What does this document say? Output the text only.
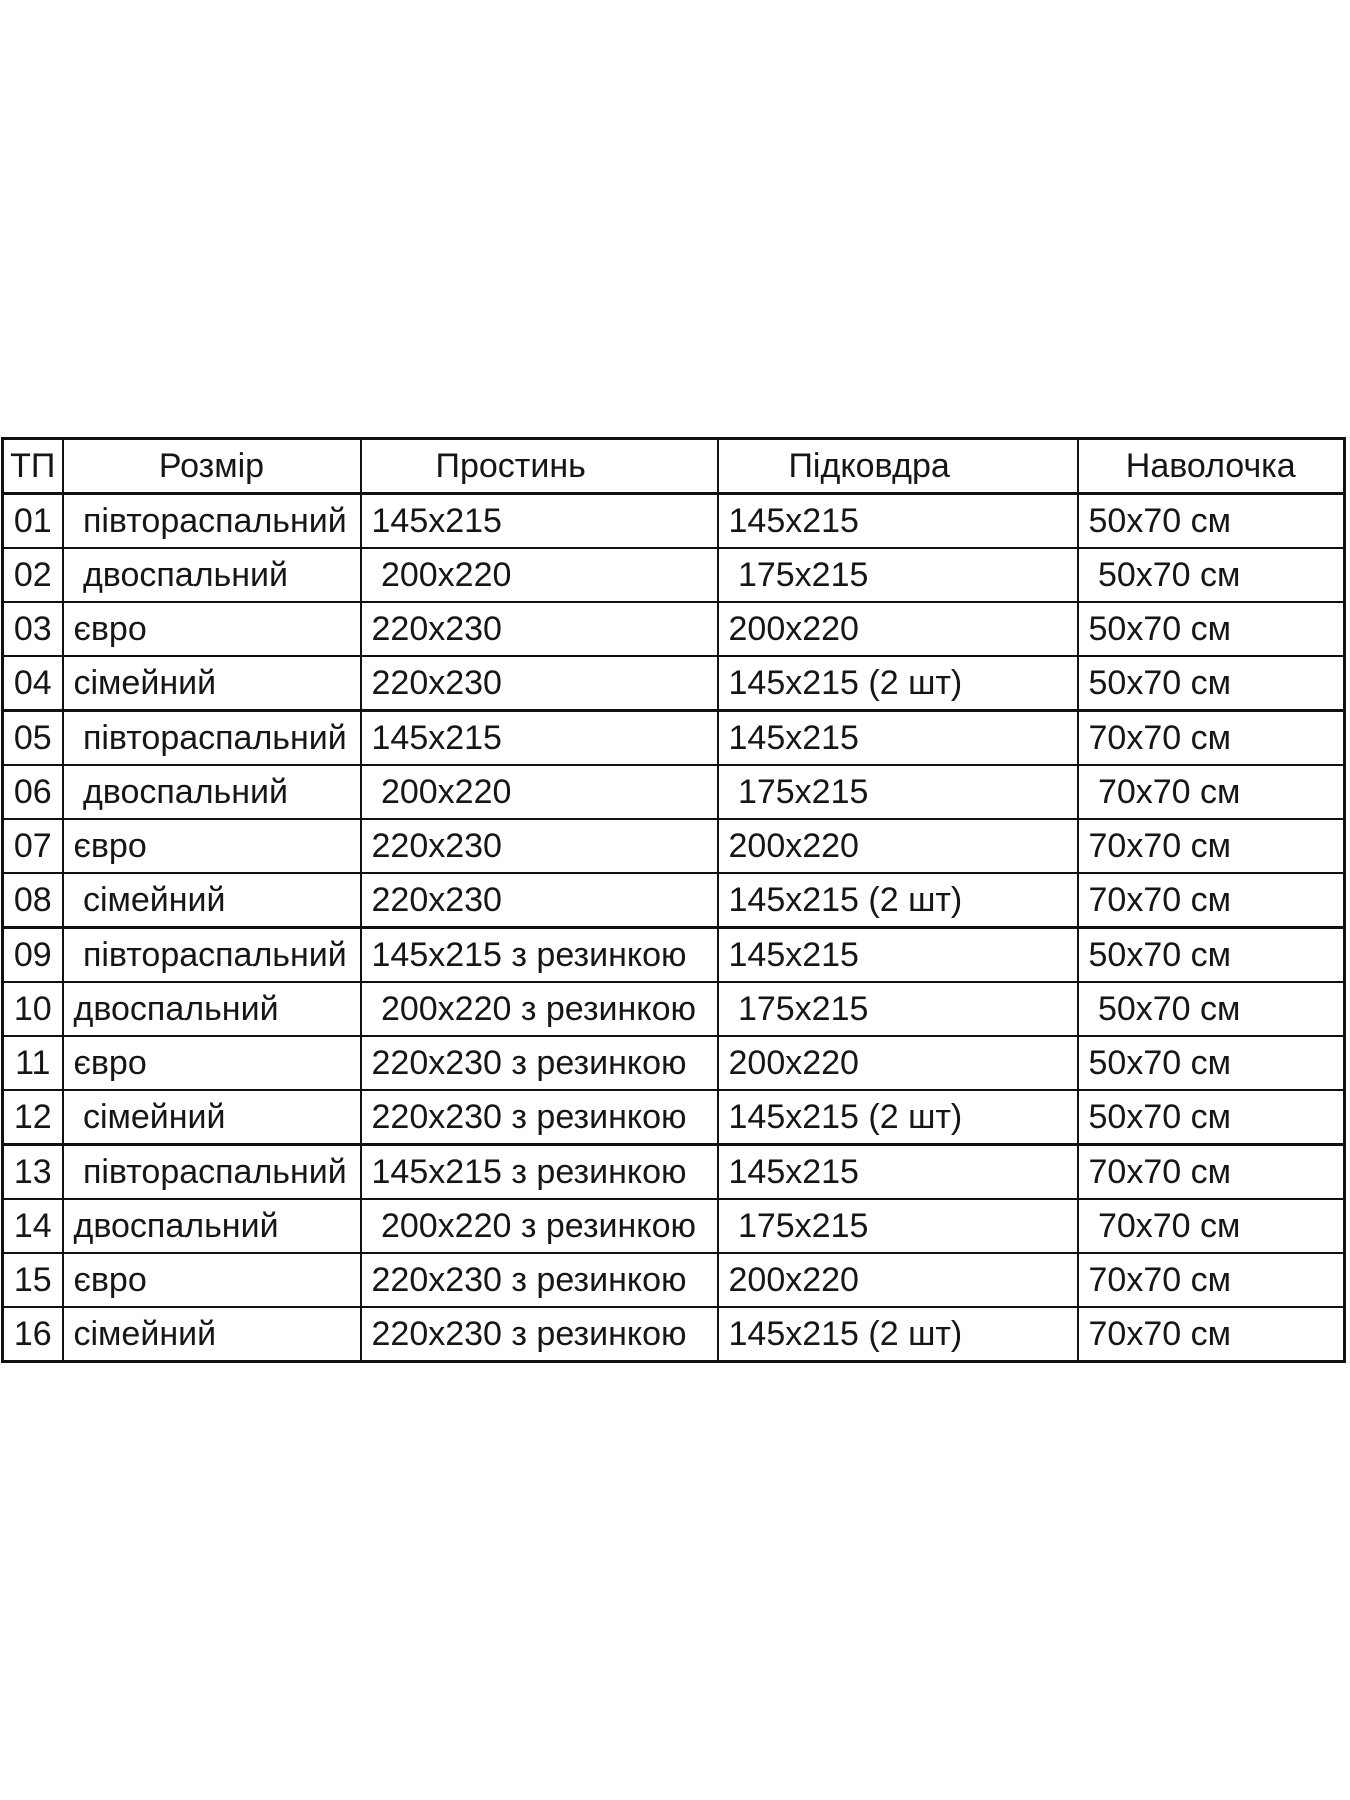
ТП	Розмір	Простинь	Підковдра	Наволочка
01	півтораспальний	145x215	145x215	50x70 см
02	двоспальний	200x220	175x215	50x70 см
03	євро	220x230	200x220	50x70 см
04	сімейний	220x230	145x215 (2 шт)	50x70 см
05	півтораспальний	145x215	145x215	70x70 см
06	двоспальний	200x220	175x215	70x70 см
07	євро	220x230	200x220	70x70 см
08	сімейний	220x230	145x215 (2 шт)	70x70 см
09	півтораспальний	145x215 з резинкою	145x215	50x70 см
10	двоспальний	200x220 з резинкою	175x215	50x70 см
11	євро	220x230 з резинкою	200x220	50x70 см
12	сімейний	220x230 з резинкою	145x215 (2 шт)	50x70 см
13	півтораспальний	145x215 з резинкою	145x215	70x70 см
14	двоспальний	200x220 з резинкою	175x215	70x70 см
15	євро	220x230 з резинкою	200x220	70x70 см
16	сімейний	220x230 з резинкою	145x215 (2 шт)	70x70 см
